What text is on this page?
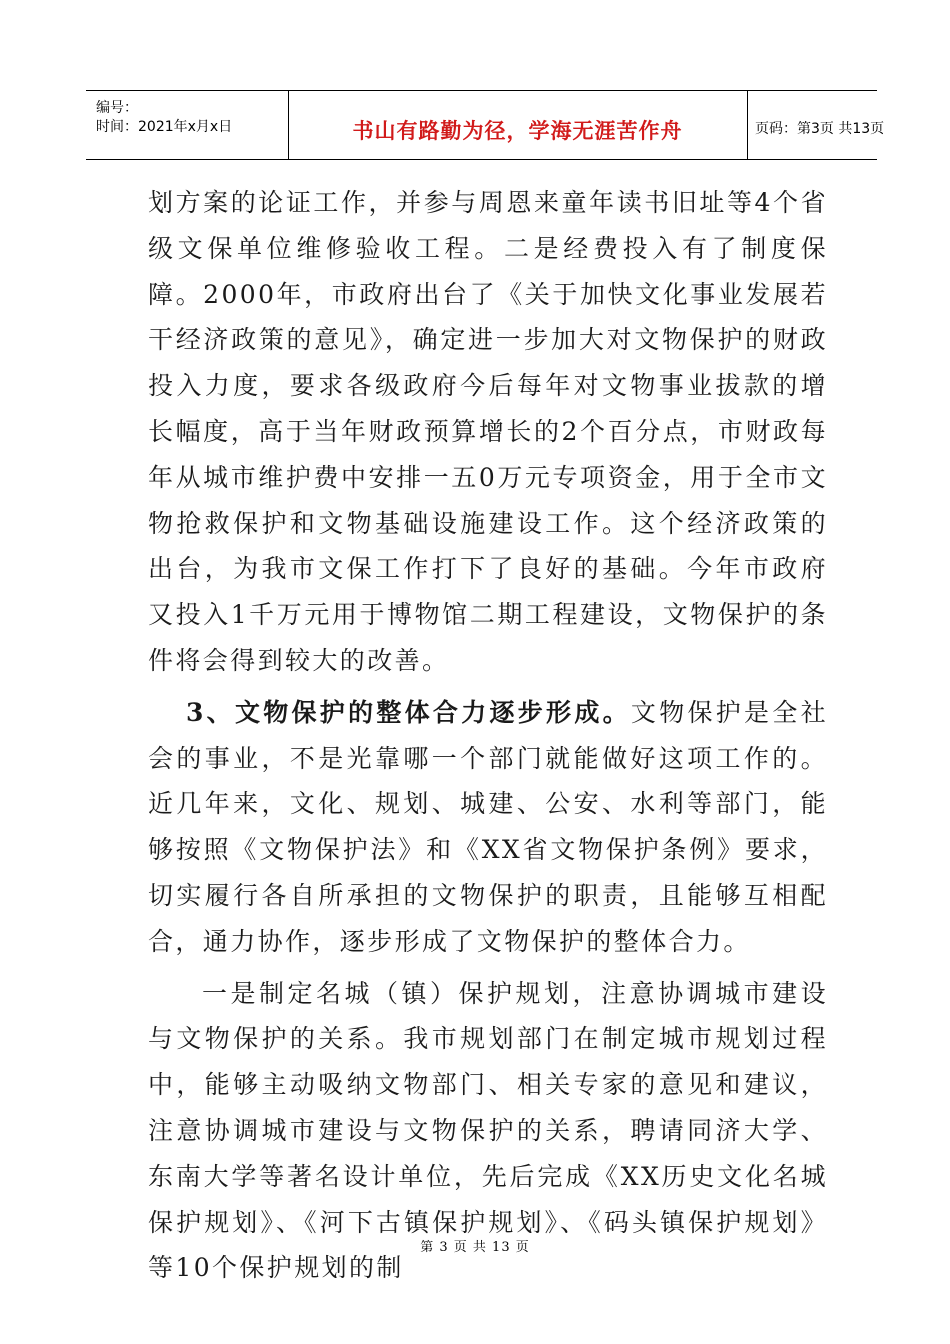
编号：
时间：2021年x月x日	书山有路勤为径，学海无涯苦作舟	页码：第3页 共13页

划方案的论证工作，并参与周恩来童年读书旧址等4个省级文保单位维修验收工程。二是经费投入有了制度保障。2000年，市政府出台了《关于加快文化事业发展若干经济政策的意见》，确定进一步加大对文物保护的财政投入力度，要求各级政府今后每年对文物事业拔款的增长幅度，高于当年财政预算增长的2个百分点，市财政每年从城市维护费中安排一五0万元专项资金，用于全市文物抢救保护和文物基础设施建设工作。这个经济政策的出台，为我市文保工作打下了良好的基础。今年市政府又投入1千万元用于博物馆二期工程建设，文物保护的条件将会得到较大的改善。

3、文物保护的整体合力逐步形成。文物保护是全社会的事业，不是光靠哪一个部门就能做好这项工作的。近几年来，文化、规划、城建、公安、水利等部门，能够按照《文物保护法》和《XX省文物保护条例》要求，切实履行各自所承担的文物保护的职责，且能够互相配合，通力协作，逐步形成了文物保护的整体合力。

一是制定名城（镇）保护规划，注意协调城市建设与文物保护的关系。我市规划部门在制定城市规划过程中，能够主动吸纳文物部门、相关专家的意见和建议，注意协调城市建设与文物保护的关系，聘请同济大学、东南大学等著名设计单位，先后完成《XX历史文化名城保护规划》、《河下古镇保护规划》、《码头镇保护规划》等10个保护规划的制

第 3 页 共 13 页
